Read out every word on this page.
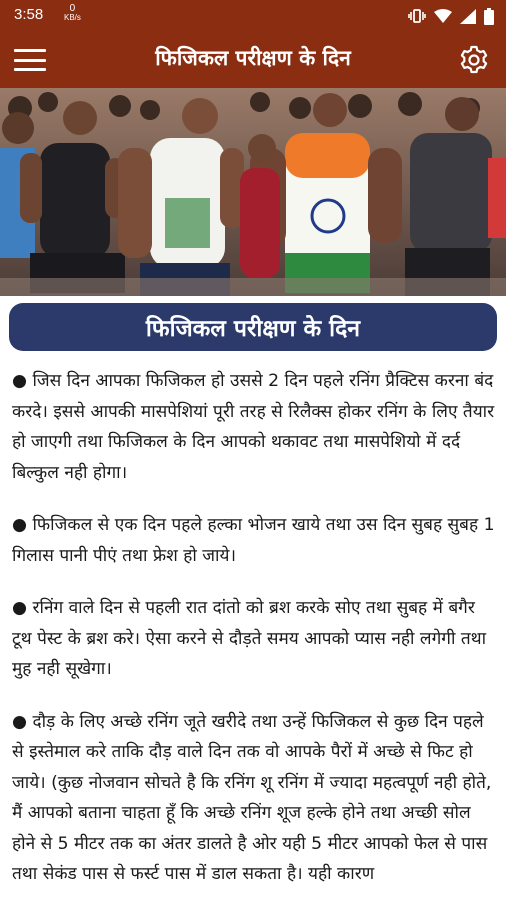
3:58	0
KB/s
फिजिकल परीक्षण के दिन
फिजिकल परीक्षण के दिन

● जिस दिन आपका फिजिकल हो उससे 2 दिन पहले रनिंग प्रैक्टिस करना बंद करदे। इससे आपकी मासपेशियां पूरी तरह से रिलैक्स होकर रनिंग के लिए तैयार हो जाएगी तथा फिजिकल के दिन आपको थकावट तथा मासपेशियो में दर्द बिल्कुल नही होगा।

● फिजिकल से एक दिन पहले हल्का भोजन खाये तथा उस दिन सुबह सुबह 1 गिलास पानी पीएं तथा फ्रेश हो जाये।

● रनिंग वाले दिन से पहली रात दांतो को ब्रश करके सोए तथा सुबह में बगैर टूथ पेस्ट के ब्रश करे। ऐसा करने से दौड़ते समय आपको प्यास नही लगेगी तथा मुह नही सूखेगा।

● दौड़ के लिए अच्छे रनिंग जूते खरीदे तथा उन्हें फिजिकल से कुछ दिन पहले से इस्तेमाल करे ताकि दौड़ वाले दिन तक वो आपके पैरों में अच्छे से फिट हो जाये। (कुछ नोजवान सोचते है कि रनिंग शू रनिंग में ज्यादा महत्वपूर्ण नही होते, मैं आपको बताना चाहता हूँ कि अच्छे रनिंग शूज हल्के होने तथा अच्छी सोल होने से 5 मीटर तक का अंतर डालते है ओर यही 5 मीटर आपको फेल से पास तथा सेकंड पास से फर्स्ट पास में डाल सकता है। यही कारण
